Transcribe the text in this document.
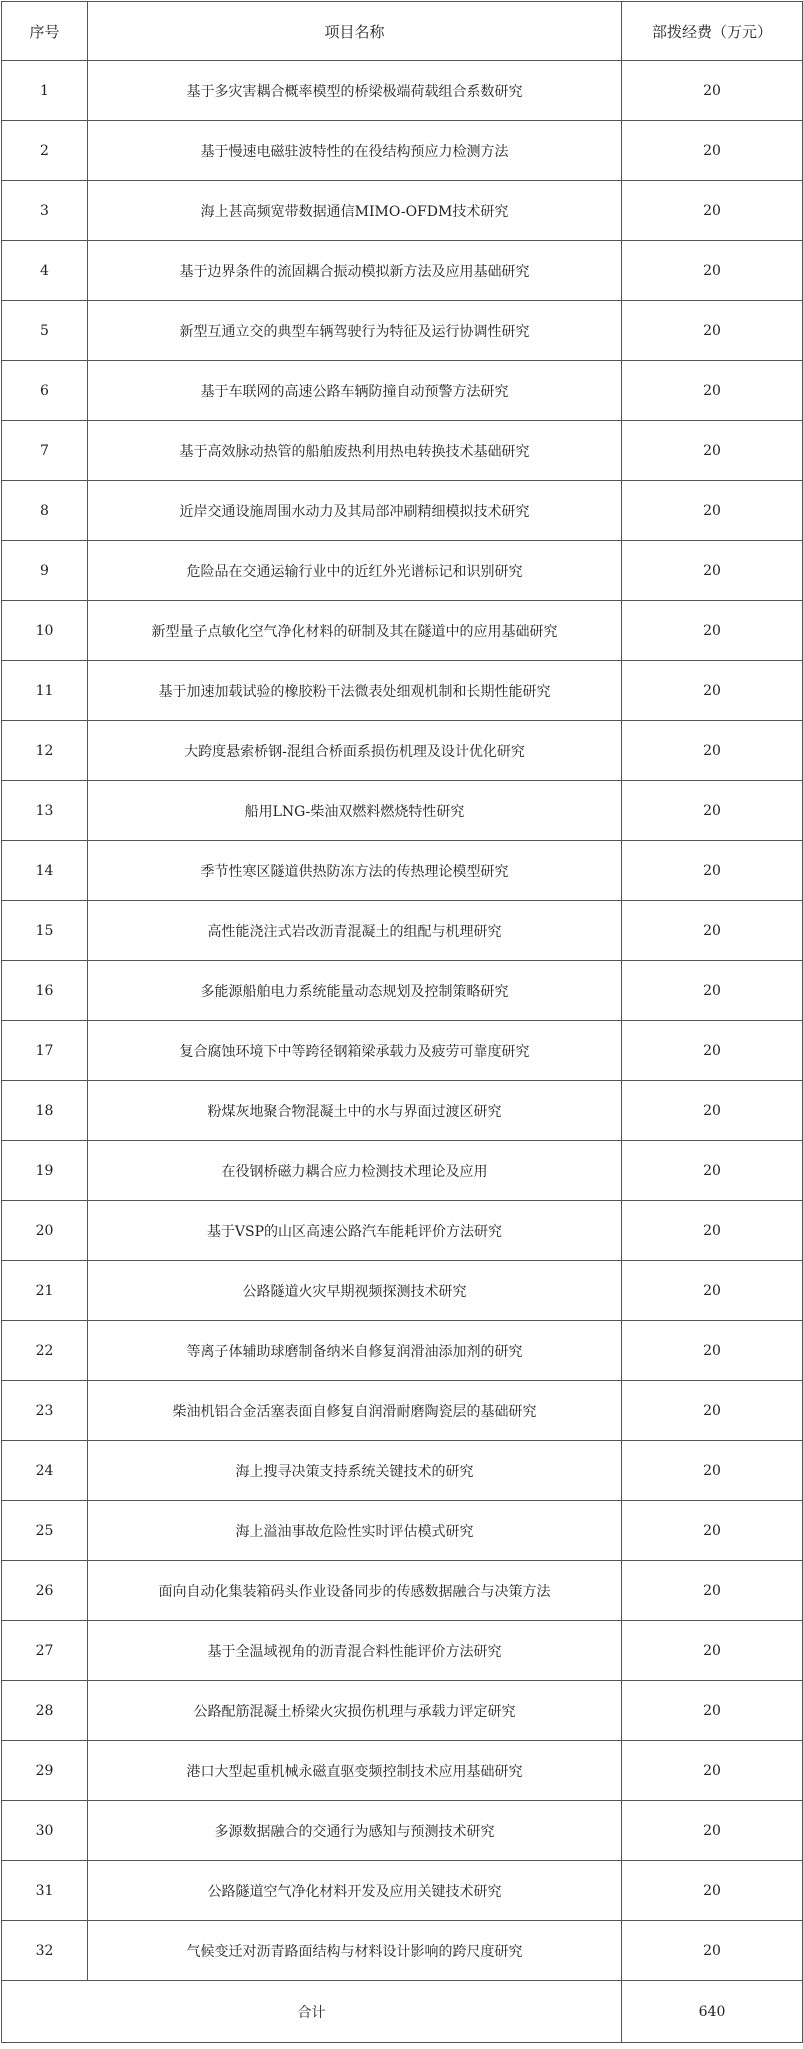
序号	项目名称	部拨经费（万元）
1	基于多灾害耦合概率模型的桥梁极端荷载组合系数研究	20
2	基于慢速电磁驻波特性的在役结构预应力检测方法	20
3	海上甚高频宽带数据通信MIMO-OFDM技术研究	20
4	基于边界条件的流固耦合振动模拟新方法及应用基础研究	20
5	新型互通立交的典型车辆驾驶行为特征及运行协调性研究	20
6	基于车联网的高速公路车辆防撞自动预警方法研究	20
7	基于高效脉动热管的船舶废热利用热电转换技术基础研究	20
8	近岸交通设施周围水动力及其局部冲刷精细模拟技术研究	20
9	危险品在交通运输行业中的近红外光谱标记和识别研究	20
10	新型量子点敏化空气净化材料的研制及其在隧道中的应用基础研究	20
11	基于加速加载试验的橡胶粉干法微表处细观机制和长期性能研究	20
12	大跨度悬索桥钢-混组合桥面系损伤机理及设计优化研究	20
13	船用LNG-柴油双燃料燃烧特性研究	20
14	季节性寒区隧道供热防冻方法的传热理论模型研究	20
15	高性能浇注式岩改沥青混凝土的组配与机理研究	20
16	多能源船舶电力系统能量动态规划及控制策略研究	20
17	复合腐蚀环境下中等跨径钢箱梁承载力及疲劳可靠度研究	20
18	粉煤灰地聚合物混凝土中的水与界面过渡区研究	20
19	在役钢桥磁力耦合应力检测技术理论及应用	20
20	基于VSP的山区高速公路汽车能耗评价方法研究	20
21	公路隧道火灾早期视频探测技术研究	20
22	等离子体辅助球磨制备纳米自修复润滑油添加剂的研究	20
23	柴油机铝合金活塞表面自修复自润滑耐磨陶瓷层的基础研究	20
24	海上搜寻决策支持系统关键技术的研究	20
25	海上溢油事故危险性实时评估模式研究	20
26	面向自动化集装箱码头作业设备同步的传感数据融合与决策方法	20
27	基于全温域视角的沥青混合料性能评价方法研究	20
28	公路配筋混凝土桥梁火灾损伤机理与承载力评定研究	20
29	港口大型起重机械永磁直驱变频控制技术应用基础研究	20
30	多源数据融合的交通行为感知与预测技术研究	20
31	公路隧道空气净化材料开发及应用关键技术研究	20
32	气候变迁对沥青路面结构与材料设计影响的跨尺度研究	20
合计		640
